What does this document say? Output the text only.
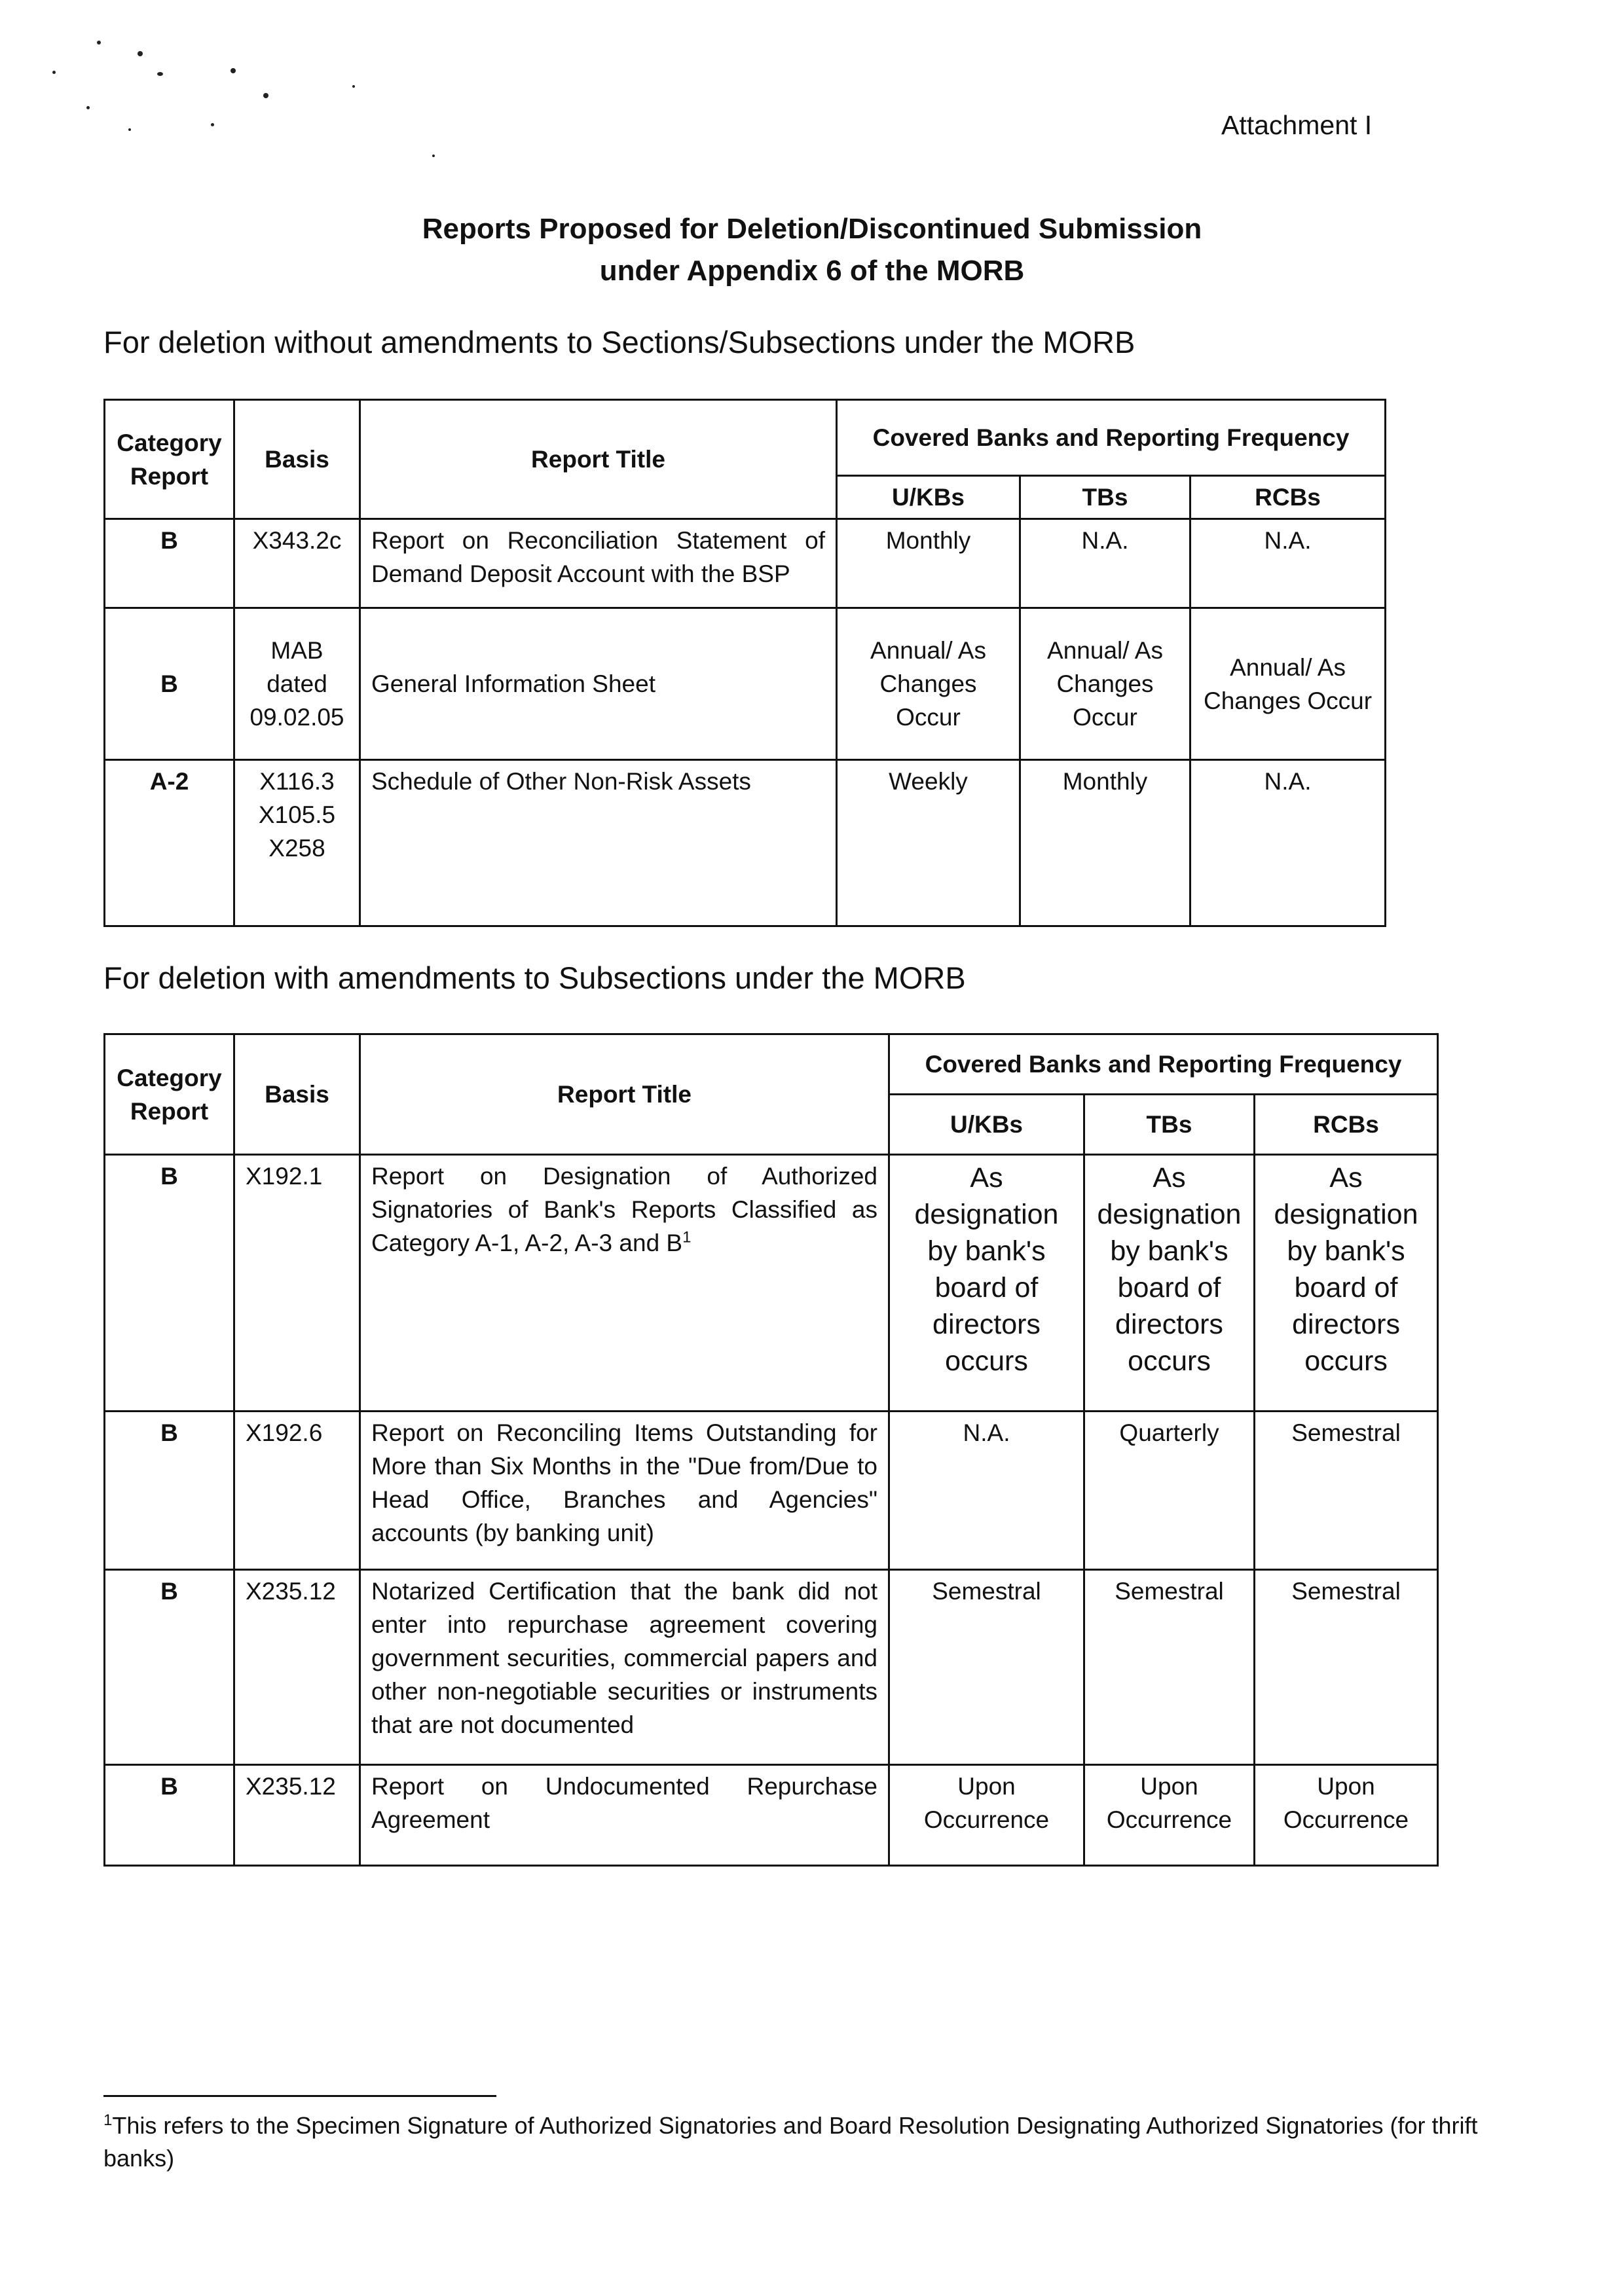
Attachment I
Reports Proposed for Deletion/Discontinued Submission
under Appendix 6 of the MORB
For deletion without amendments to Sections/Subsections under the MORB
Category Report	Basis	Report Title	Covered Banks and Reporting Frequency		
			U/KBs	TBs	RCBs
B	X343.2c	Report on Reconciliation Statement of Demand Deposit Account with the BSP	Monthly	N.A.	N.A.
B	MAB dated 09.02.05	General Information Sheet	Annual/ As Changes Occur	Annual/ As Changes Occur	Annual/ As Changes Occur
A-2	X116.3 X105.5 X258	Schedule of Other Non-Risk Assets	Weekly	Monthly	N.A.
For deletion with amendments to Subsections under the MORB
Category Report	Basis	Report Title	Covered Banks and Reporting Frequency		
			U/KBs	TBs	RCBs
B	X192.1	Report on Designation of Authorized Signatories of Bank's Reports Classified as Category A-1, A-2, A-3 and $B^1$	As designation by bank's board of directors occurs	As designation by bank's board of directors occurs	As designation by bank's board of directors occurs
B	X192.6	Report on Reconciling Items Outstanding for More than Six Months in the "Due from/Due to Head Office, Branches and Agencies" accounts (by banking unit)	N.A.	Quarterly	Semestral
B	X235.12	Notarized Certification that the bank did not enter into repurchase agreement covering government securities, commercial papers and other non-negotiable securities or instruments that are not documented	Semestral	Semestral	Semestral
B	X235.12	Report on Undocumented Repurchase Agreement	Upon Occurrence	Upon Occurrence	Upon Occurrence
$^1$This refers to the Specimen Signature of Authorized Signatories and Board Resolution Designating Authorized Signatories (for thrift banks)
